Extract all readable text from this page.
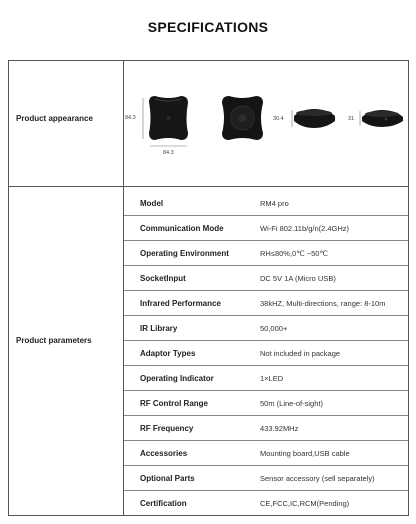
SPECIFICATIONS
Product appearance	84.3
84.3
30.4	31
Product parameters
Model	RM4 pro
Communication Mode	Wi-Fi 802.11b/g/n(2.4GHz)
Operating Environment	RH≤80%,0℃ ~50℃
SocketInput	DC 5V 1A (Micro USB)
Infrared Performance	38kHZ, Multi-directions, range: 8-10m
IR Library	50,000+
Adaptor Types	Not included in package
Operating Indicator	1×LED
RF Control Range	50m (Line-of-sight)
RF Frequency	433.92MHz
Accessories	Mounting board,USB cable
Optional Parts	Sensor accessory (sell separately)
Certification	CE,FCC,IC,RCM(Pending)
